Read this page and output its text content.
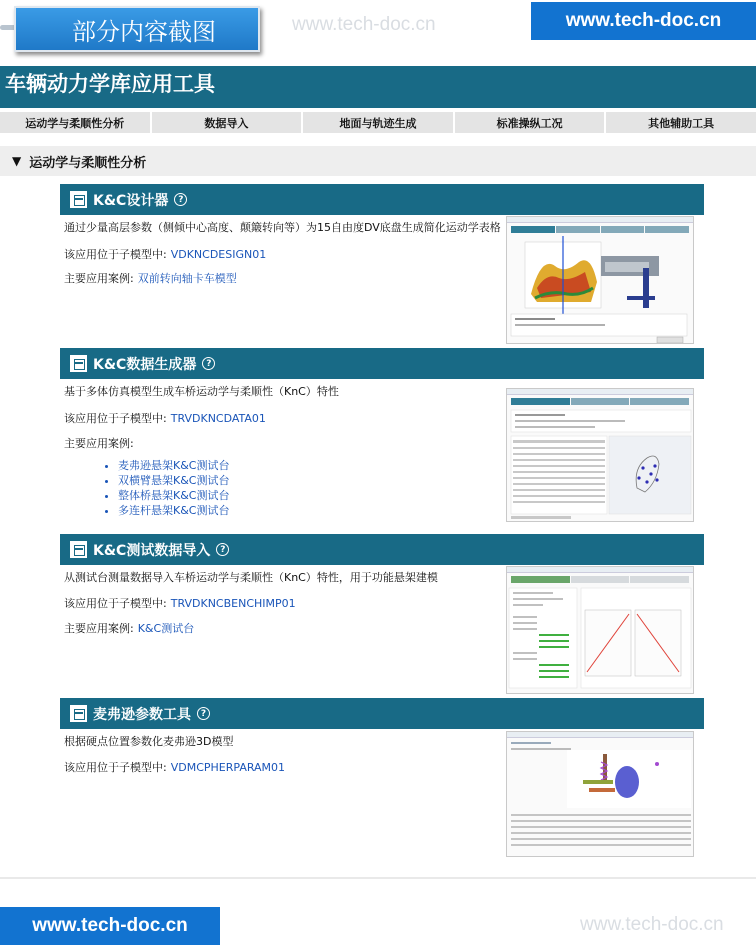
部分内容截图	www.tech-doc.cn	www.tech-doc.cn
车辆动力学库应用工具
运动学与柔顺性分析	数据导入	地面与轨迹生成	标准操纵工况	其他辅助工具
▼ 运动学与柔顺性分析
K&C设计器	?
通过少量高层参数（侧倾中心高度、颠簸转向等）为15自由度DV底盘生成简化运动学表格
该应用位于子模型中: VDKNCDESIGN01
主要应用案例: 双前转向轴卡车模型
K&C数据生成器	?
基于多体仿真模型生成车桥运动学与柔顺性（KnC）特性
该应用位于子模型中: TRVDKNCDATA01
主要应用案例:
• 麦弗逊悬架K&C测试台
• 双横臂悬架K&C测试台
• 整体桥悬架K&C测试台
• 多连杆悬架K&C测试台
K&C测试数据导入	?
从测试台测量数据导入车桥运动学与柔顺性（KnC）特性，用于功能悬架建模
该应用位于子模型中: TRVDKNCBENCHIMP01
主要应用案例: K&C测试台
麦弗逊参数工具	?
根据硬点位置参数化麦弗逊3D模型
该应用位于子模型中: VDMCPHERPARAM01
www.tech-doc.cn	www.tech-doc.cn
